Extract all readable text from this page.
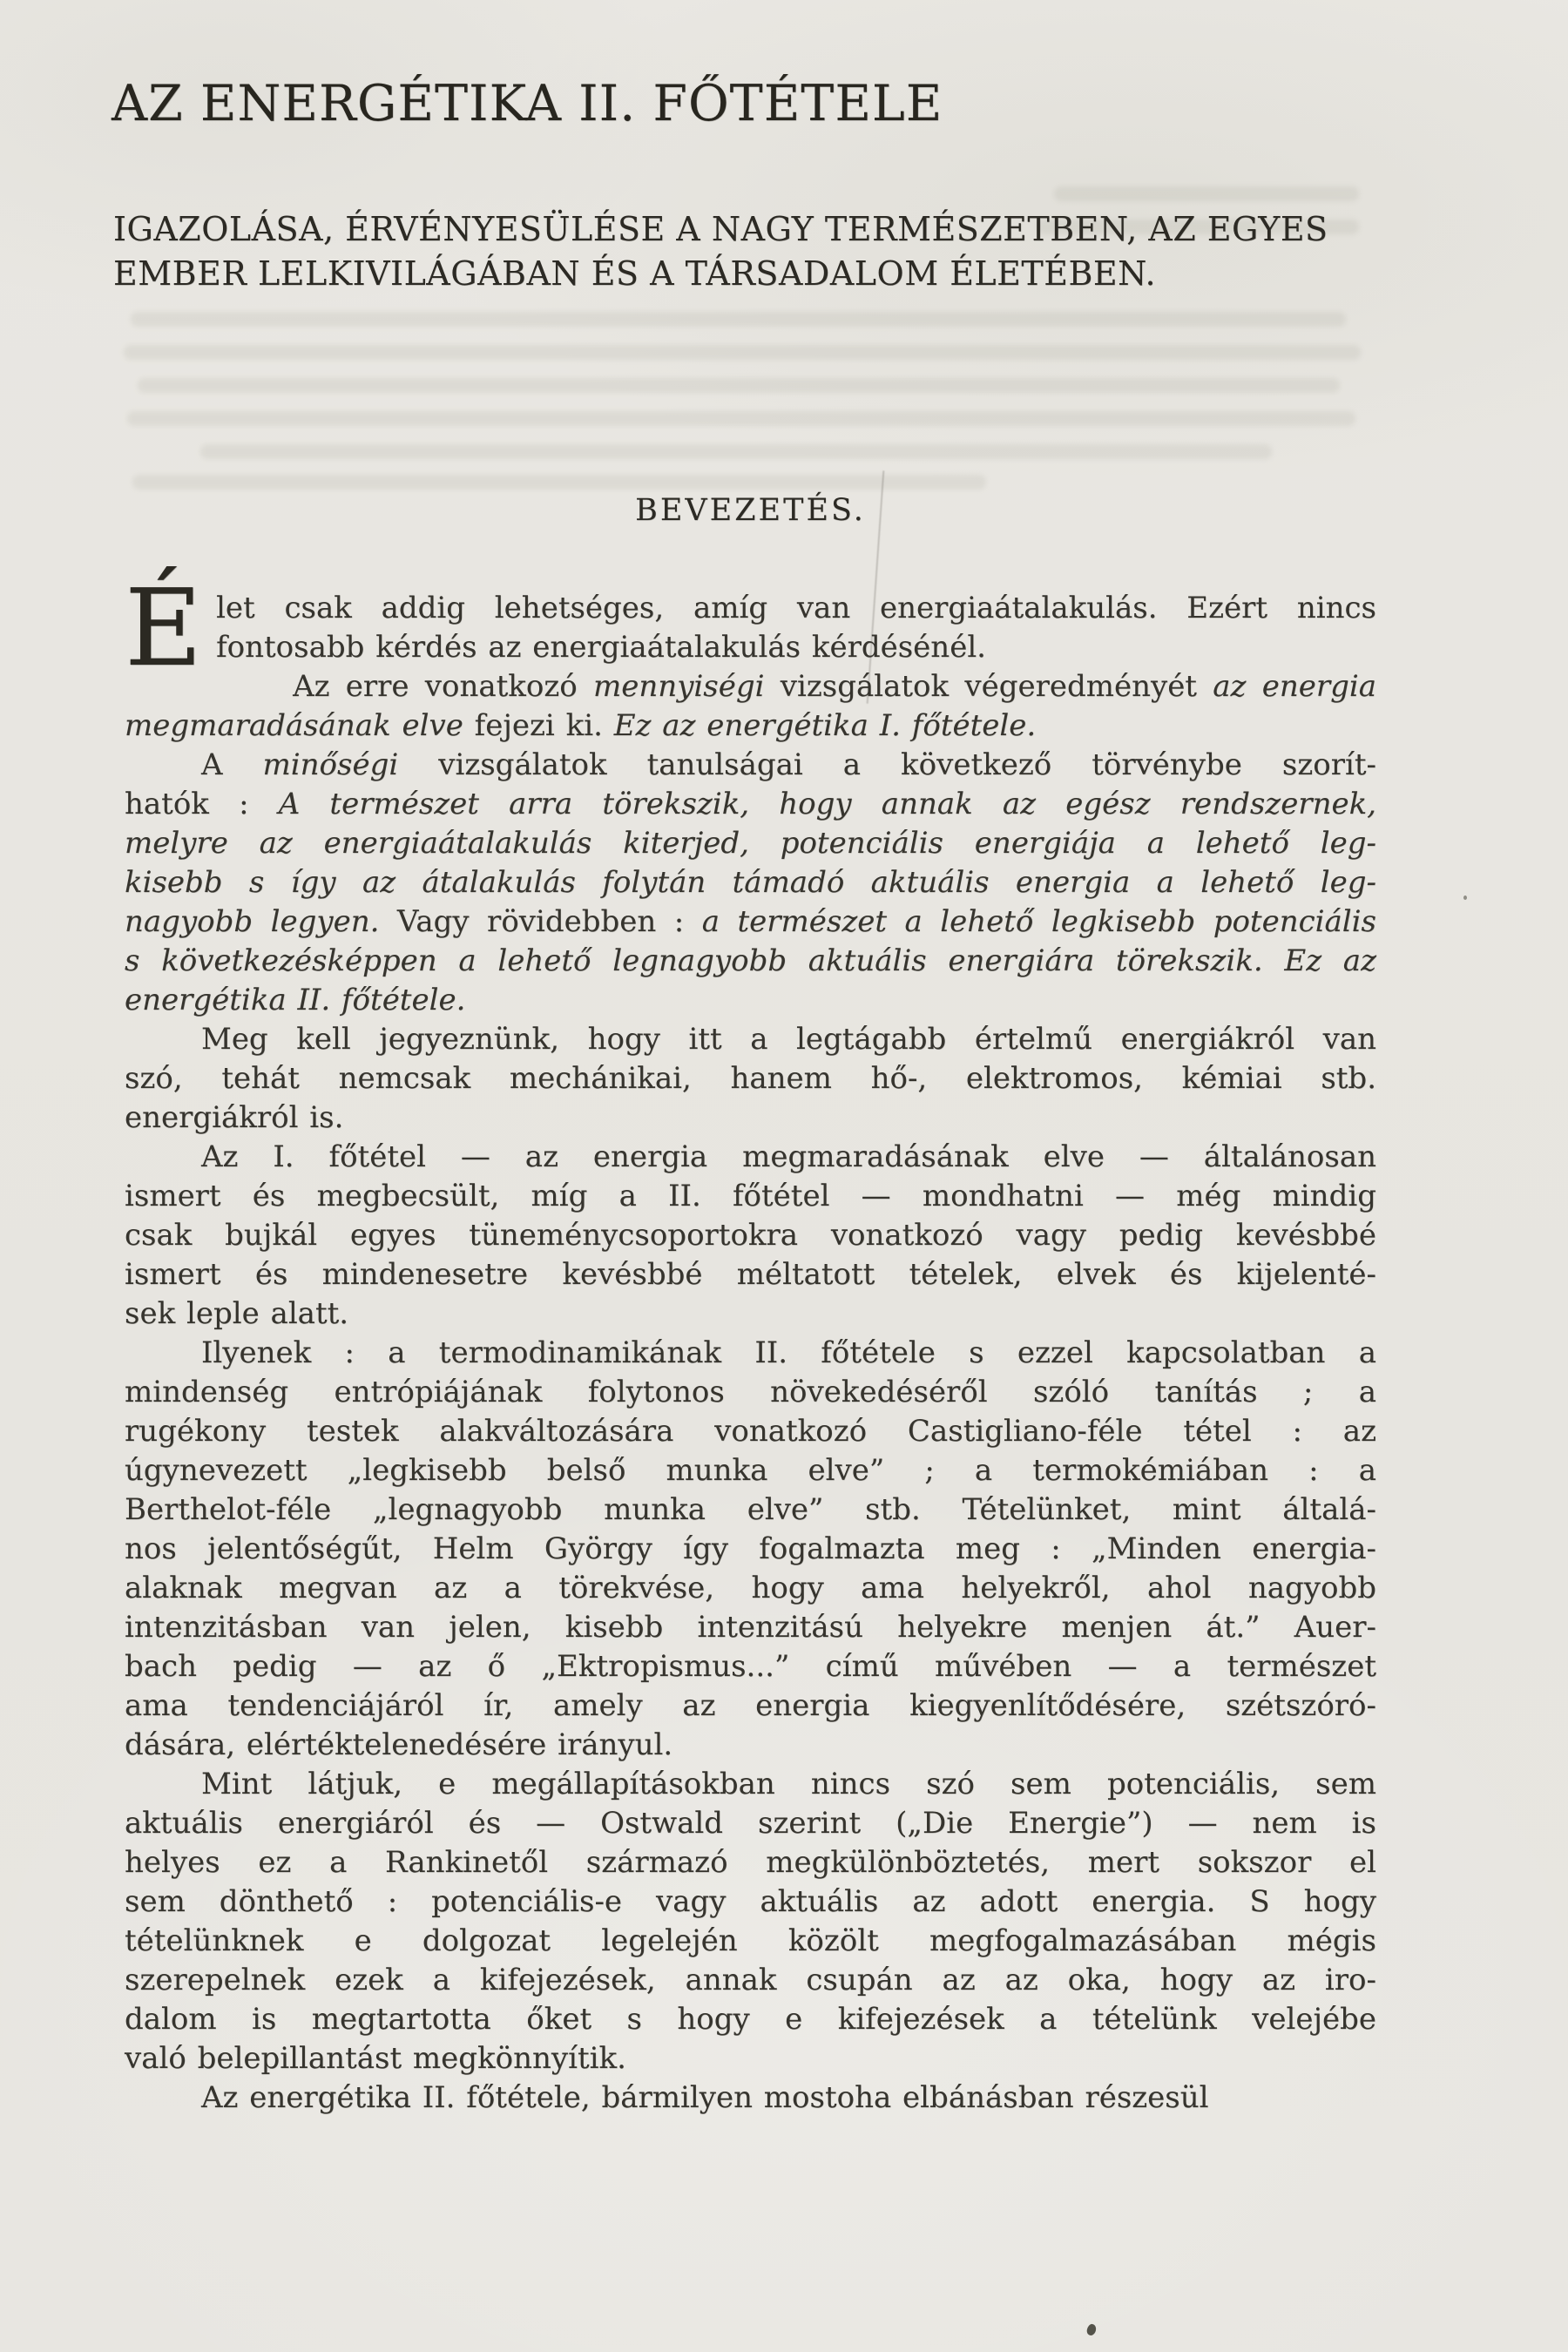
AZ ENERGÉTIKA II. FŐTÉTELE
IGAZOLÁSA, ÉRVÉNYESÜLÉSE A NAGY TERMÉSZETBEN, AZ EGYES
EMBER LELKIVILÁGÁBAN ÉS A TÁRSADALOM ÉLETÉBEN.
BEVEZETÉS.
É let csak addig lehetséges, amíg van energiaátalakulás. Ezért nincs
fontosabb kérdés az energiaátalakulás kérdésénél.
Az erre vonatkozó mennyiségi vizsgálatok végeredményét az energia
megmaradásának elve fejezi ki. Ez az energétika I. főtétele.
A minőségi vizsgálatok tanulságai a következő törvénybe szorít-
hatók : A természet arra törekszik, hogy annak az egész rendszernek,
melyre az energiaátalakulás kiterjed, potenciális energiája a lehető leg-
kisebb s így az átalakulás folytán támadó aktuális energia a lehető leg-
nagyobb legyen. Vagy rövidebben : a természet a lehető legkisebb potenciális
s következésképpen a lehető legnagyobb aktuális energiára törekszik. Ez az
energétika II. főtétele.
Meg kell jegyeznünk, hogy itt a legtágabb értelmű energiákról van
szó, tehát nemcsak mechánikai, hanem hő-, elektromos, kémiai stb.
energiákról is.
Az I. főtétel — az energia megmaradásának elve — általánosan
ismert és megbecsült, míg a II. főtétel — mondhatni — még mindig
csak bujkál egyes tüneménycsoportokra vonatkozó vagy pedig kevésbbé
ismert és mindenesetre kevésbbé méltatott tételek, elvek és kijelenté-
sek leple alatt.
Ilyenek : a termodinamikának II. főtétele s ezzel kapcsolatban a
mindenség entrópiájának folytonos növekedéséről szóló tanítás ; a
rugékony testek alakváltozására vonatkozó Castigliano-féle tétel : az
úgynevezett „legkisebb belső munka elve” ; a termokémiában : a
Berthelot-féle „legnagyobb munka elve” stb. Tételünket, mint általá-
nos jelentőségűt, Helm György így fogalmazta meg : „Minden energia-
alaknak megvan az a törekvése, hogy ama helyekről, ahol nagyobb
intenzitásban van jelen, kisebb intenzitású helyekre menjen át.” Auer-
bach pedig — az ő „Ektropismus...” című művében — a természet
ama tendenciájáról ír, amely az energia kiegyenlítődésére, szétszóró-
dására, elértéktelenedésére irányul.
Mint látjuk, e megállapításokban nincs szó sem potenciális, sem
aktuális energiáról és — Ostwald szerint („Die Energie”) — nem is
helyes ez a Rankinetől származó megkülönböztetés, mert sokszor el
sem dönthető : potenciális-e vagy aktuális az adott energia. S hogy
tételünknek e dolgozat legelején közölt megfogalmazásában mégis
szerepelnek ezek a kifejezések, annak csupán az az oka, hogy az iro-
dalom is megtartotta őket s hogy e kifejezések a tételünk velejébe
való belepillantást megkönnyítik.
Az energétika II. főtétele, bármilyen mostoha elbánásban részesül
